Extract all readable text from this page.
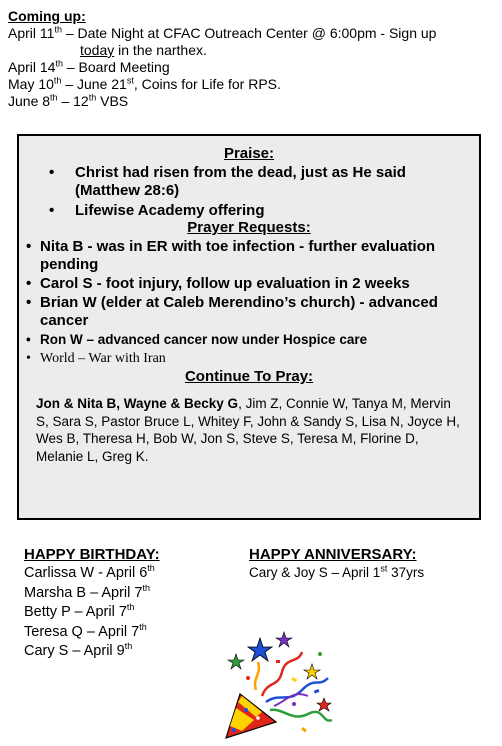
Coming up:
April 11th – Date Night at CFAC Outreach Center @ 6:00pm - Sign up
today in the narthex.
April 14th – Board Meeting
May 10th – June 21st, Coins for Life for RPS.
June 8th – 12th VBS
Praise:
• Christ had risen from the dead, just as He said (Matthew 28:6)
• Lifewise Academy offering
Prayer Requests:
• Nita B - was in ER with toe infection - further evaluation pending
• Carol S - foot injury, follow up evaluation in 2 weeks
• Brian W (elder at Caleb Merendino’s church) - advanced cancer
• Ron W – advanced cancer now under Hospice care
• World – War with Iran
Continue To Pray:
Jon & Nita B, Wayne & Becky G, Jim Z, Connie W, Tanya M, Mervin S, Sara S, Pastor Bruce L, Whitey F, John & Sandy S, Lisa N, Joyce H, Wes B, Theresa H, Bob W, Jon S, Steve S, Teresa M, Florine D, Melanie L, Greg K.
HAPPY BIRTHDAY:
Carlissa W - April 6th
Marsha B – April 7th
Betty P – April 7th
Teresa Q – April 7th
Cary S – April 9th
HAPPY ANNIVERSARY:
Cary & Joy S – April 1st 37yrs
